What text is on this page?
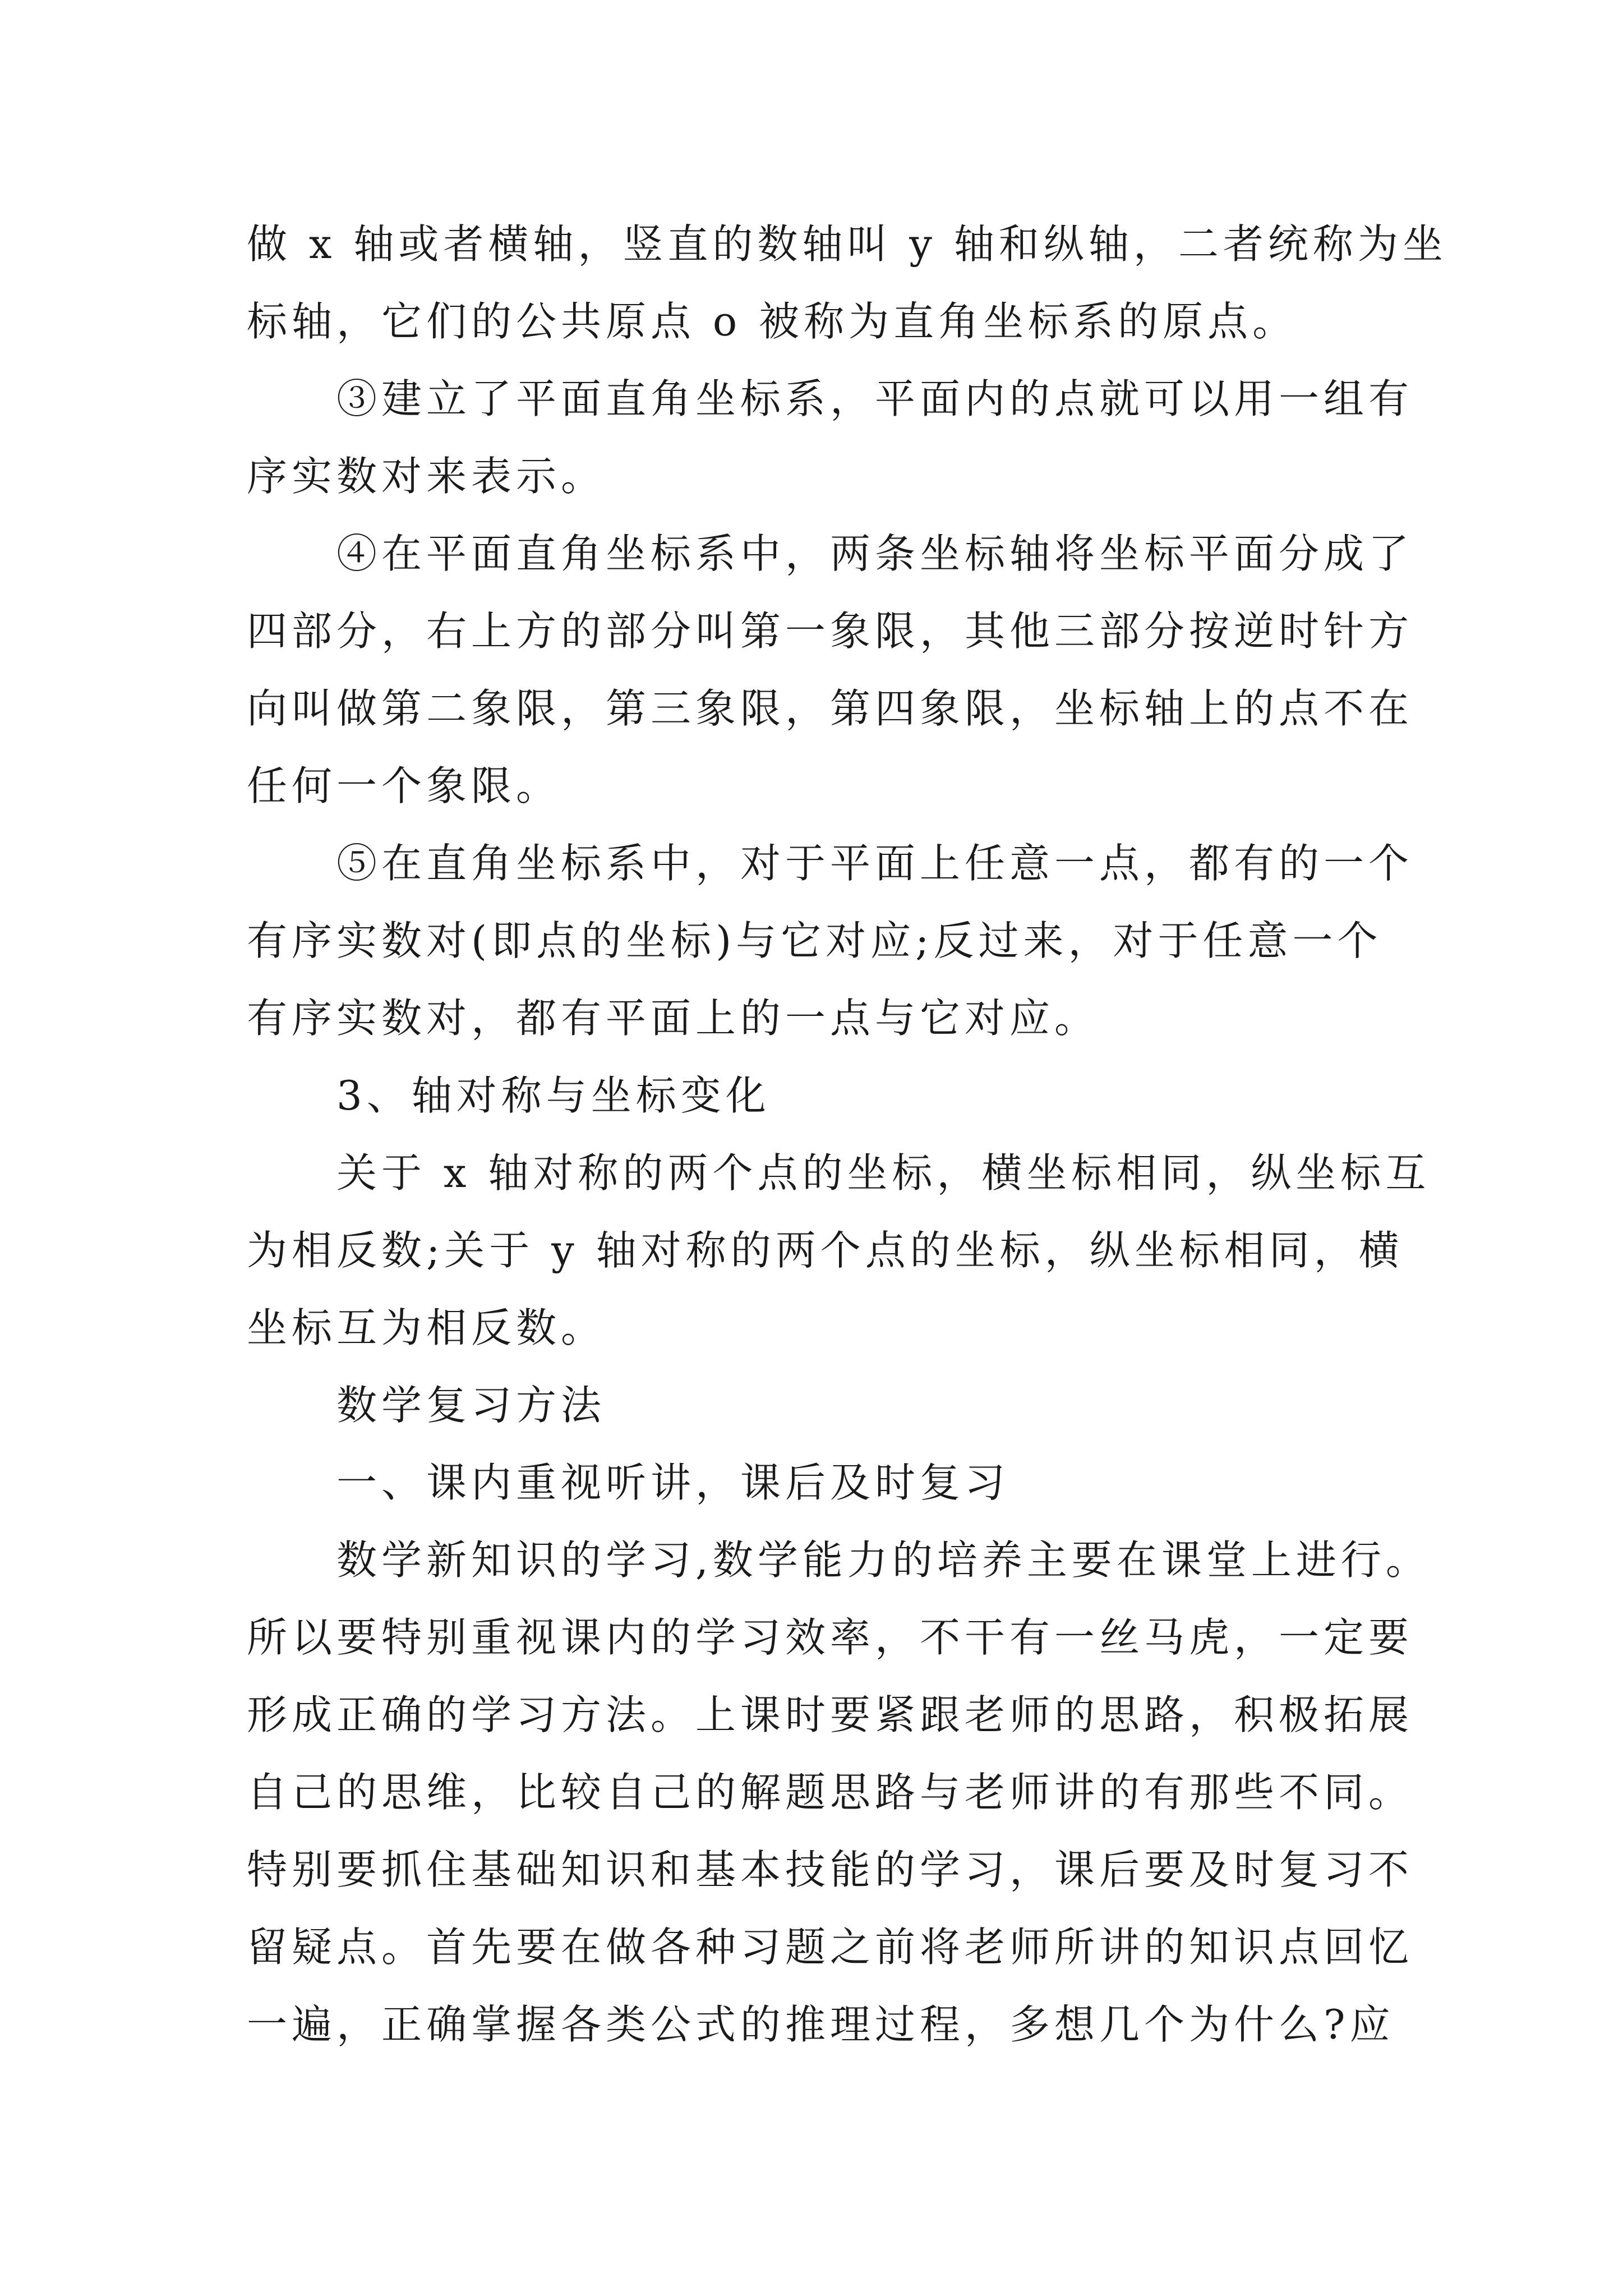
做 x 轴或者横轴，竖直的数轴叫 y 轴和纵轴，二者统称为坐
标轴，它们的公共原点 o 被称为直角坐标系的原点。
③建立了平面直角坐标系，平面内的点就可以用一组有
序实数对来表示。
④在平面直角坐标系中，两条坐标轴将坐标平面分成了
四部分，右上方的部分叫第一象限，其他三部分按逆时针方
向叫做第二象限，第三象限，第四象限，坐标轴上的点不在
任何一个象限。
⑤在直角坐标系中，对于平面上任意一点，都有的一个
有序实数对(即点的坐标)与它对应;反过来，对于任意一个
有序实数对，都有平面上的一点与它对应。
3、轴对称与坐标变化
关于 x 轴对称的两个点的坐标，横坐标相同，纵坐标互
为相反数;关于 y 轴对称的两个点的坐标，纵坐标相同，横
坐标互为相反数。
数学复习方法
一、课内重视听讲，课后及时复习
数学新知识的学习,数学能力的培养主要在课堂上进行。
所以要特别重视课内的学习效率，不干有一丝马虎，一定要
形成正确的学习方法。上课时要紧跟老师的思路，积极拓展
自己的思维，比较自己的解题思路与老师讲的有那些不同。
特别要抓住基础知识和基本技能的学习，课后要及时复习不
留疑点。首先要在做各种习题之前将老师所讲的知识点回忆
一遍，正确掌握各类公式的推理过程，多想几个为什么?应
